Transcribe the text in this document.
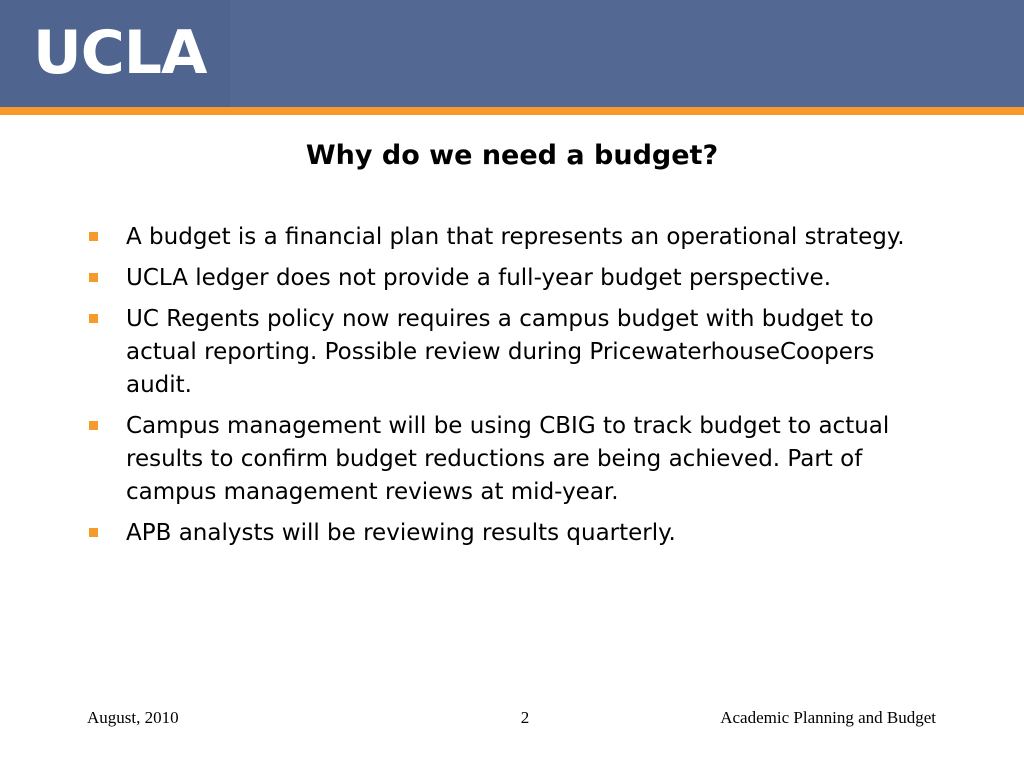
UCLA
Why do we need a budget?
A budget is a financial plan that represents an operational strategy.
UCLA ledger does not provide a full-year budget perspective.
UC Regents policy now requires a campus budget with budget to actual reporting. Possible review during PricewaterhouseCoopers audit.
Campus management will be using CBIG to track budget to actual results to confirm budget reductions are being achieved. Part of campus management reviews at mid-year.
APB analysts will be reviewing results quarterly.
August, 2010	2	Academic Planning and Budget
